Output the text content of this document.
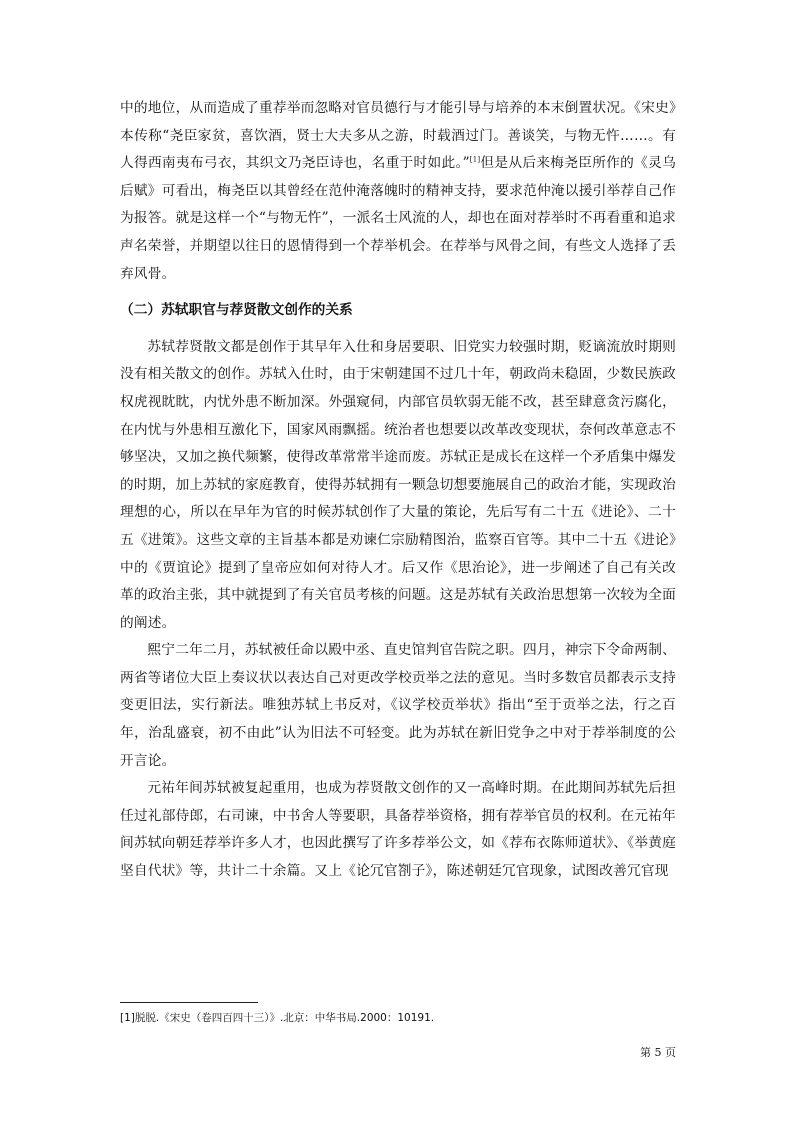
中的地位，从而造成了重荐举而忽略对官员德行与才能引导与培养的本末倒置状况。《宋史》本传称“尧臣家贫，喜饮酒，贤士大夫多从之游，时载酒过门。善谈笑，与物无忤……。有人得西南夷布弓衣，其织文乃尧臣诗也，名重于时如此。”[1]但是从后来梅尧臣所作的《灵乌后赋》可看出，梅尧臣以其曾经在范仲淹落魄时的精神支持，要求范仲淹以援引举荐自己作为报答。就是这样一个“与物无忤”，一派名士风流的人，却也在面对荐举时不再看重和追求声名荣誉，并期望以往日的恩情得到一个荐举机会。在荐举与风骨之间，有些文人选择了丢弃风骨。

（二）苏轼职官与荐贤散文创作的关系

苏轼荐贤散文都是创作于其早年入仕和身居要职、旧党实力较强时期，贬谪流放时期则没有相关散文的创作。苏轼入仕时，由于宋朝建国不过几十年，朝政尚未稳固，少数民族政权虎视眈眈，内忧外患不断加深。外强窥伺，内部官员软弱无能不改，甚至肆意贪污腐化，在内忧与外患相互激化下，国家风雨飘摇。统治者也想要以改革改变现状，奈何改革意志不够坚决，又加之换代频繁，使得改革常常半途而废。苏轼正是成长在这样一个矛盾集中爆发的时期，加上苏轼的家庭教育，使得苏轼拥有一颗急切想要施展自己的政治才能，实现政治理想的心，所以在早年为官的时候苏轼创作了大量的策论，先后写有二十五《进论》、二十五《进策》。这些文章的主旨基本都是劝谏仁宗励精图治，监察百官等。其中二十五《进论》中的《贾谊论》提到了皇帝应如何对待人才。后又作《思治论》，进一步阐述了自己有关改革的政治主张，其中就提到了有关官员考核的问题。这是苏轼有关政治思想第一次较为全面的阐述。

熙宁二年二月，苏轼被任命以殿中丞、直史馆判官告院之职。四月，神宗下令命两制、两省等诸位大臣上奏议状以表达自己对更改学校贡举之法的意见。当时多数官员都表示支持变更旧法，实行新法。唯独苏轼上书反对，《议学校贡举状》指出“至于贡举之法，行之百年，治乱盛衰，初不由此”认为旧法不可轻变。此为苏轼在新旧党争之中对于荐举制度的公开言论。

元祐年间苏轼被复起重用，也成为荐贤散文创作的又一高峰时期。在此期间苏轼先后担任过礼部侍郎，右司谏，中书舍人等要职，具备荐举资格，拥有荐举官员的权利。在元祐年间苏轼向朝廷荐举许多人才，也因此撰写了许多荐举公文，如《荐布衣陈师道状》、《举黄庭坚自代状》等，共计二十余篇。又上《论冗官劄子》，陈述朝廷冗官现象，试图改善冗官现

[1]脱脱.《宋史（卷四百四十三）》.北京：中华书局.2000：10191.
第 5 页
